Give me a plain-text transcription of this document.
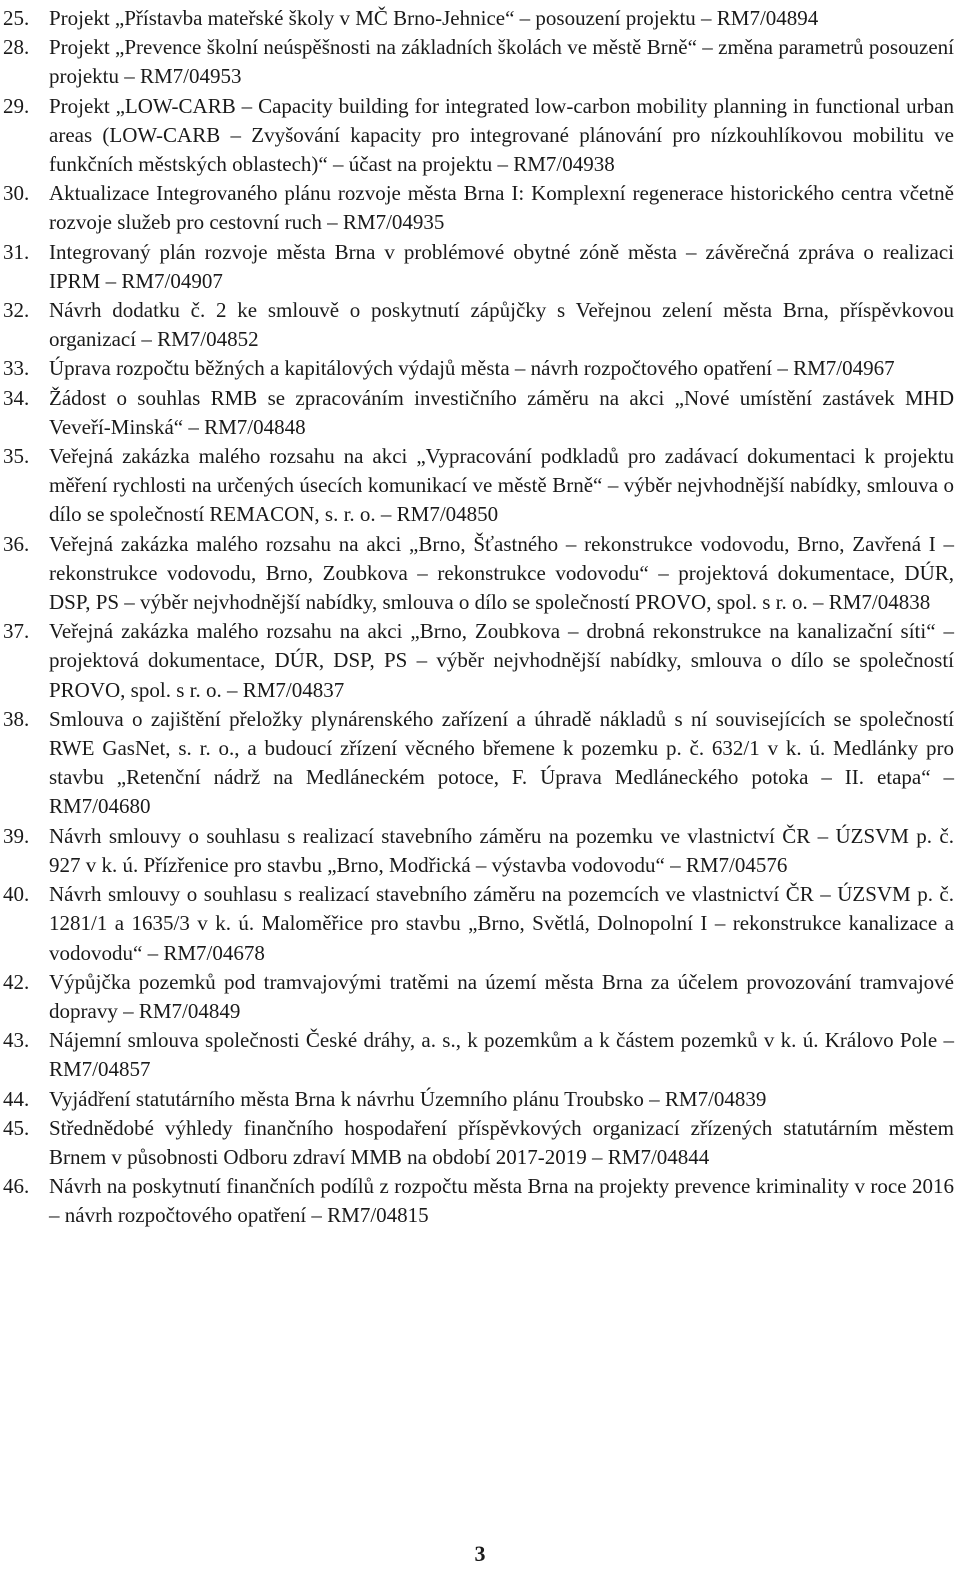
25. Projekt „Přístavba mateřské školy v MČ Brno-Jehnice“ – posouzení projektu – RM7/04894
28. Projekt „Prevence školní neúspěšnosti na základních školách ve městě Brně“ – změna parametrů posouzení projektu – RM7/04953
29. Projekt „LOW-CARB – Capacity building for integrated low-carbon mobility planning in functional urban areas (LOW-CARB – Zvyšování kapacity pro integrované plánování pro nízkouhlíkovou mobilitu ve funkčních městských oblastech)“ – účast na projektu – RM7/04938
30. Aktualizace Integrovaného plánu rozvoje města Brna I: Komplexní regenerace historického centra včetně rozvoje služeb pro cestovní ruch – RM7/04935
31. Integrovaný plán rozvoje města Brna v problémové obytné zóně města – závěrečná zpráva o realizaci IPRM – RM7/04907
32. Návrh dodatku č. 2 ke smlouvě o poskytnutí zápůjčky s Veřejnou zelení města Brna, příspěvkovou organizací – RM7/04852
33. Úprava rozpočtu běžných a kapitálových výdajů města – návrh rozpočtového opatření – RM7/04967
34. Žádost o souhlas RMB se zpracováním investičního záměru na akci „Nové umístění zastávek MHD Veveří-Minská“ – RM7/04848
35. Veřejná zakázka malého rozsahu na akci „Vypracování podkladů pro zadávací dokumentaci k projektu měření rychlosti na určených úsecích komunikací ve městě Brně“ – výběr nejvhodnější nabídky, smlouva o dílo se společností REMACON, s. r. o. – RM7/04850
36. Veřejná zakázka malého rozsahu na akci „Brno, Šťastného – rekonstrukce vodovodu, Brno, Zavřená I – rekonstrukce vodovodu, Brno, Zoubkova – rekonstrukce vodovodu“ – projektová dokumentace, DÚR, DSP, PS – výběr nejvhodnější nabídky, smlouva o dílo se společností PROVO, spol. s r. o. – RM7/04838
37. Veřejná zakázka malého rozsahu na akci „Brno, Zoubkova – drobná rekonstrukce na kanalizační síti“ – projektová dokumentace, DÚR, DSP, PS – výběr nejvhodnější nabídky, smlouva o dílo se společností PROVO, spol. s r. o. – RM7/04837
38. Smlouva o zajištění přeložky plynárenského zařízení a úhradě nákladů s ní souvisejících se společností RWE GasNet, s. r. o., a budoucí zřízení věcného břemene k pozemku p. č. 632/1 v k. ú. Medlánky pro stavbu „Retenční nádrž na Medláneckém potoce, F. Úprava Medláneckého potoka – II. etapa“ – RM7/04680
39. Návrh smlouvy o souhlasu s realizací stavebního záměru na pozemku ve vlastnictví ČR – ÚZSVM p. č. 927 v k. ú. Přízřenice pro stavbu „Brno, Modřická – výstavba vodovodu“ – RM7/04576
40. Návrh smlouvy o souhlasu s realizací stavebního záměru na pozemcích ve vlastnictví ČR – ÚZSVM p. č. 1281/1 a 1635/3 v k. ú. Maloměřice pro stavbu „Brno, Světlá, Dolnopolní I – rekonstrukce kanalizace a vodovodu“ – RM7/04678
42. Výpůjčka pozemků pod tramvajovými tratěmi na území města Brna za účelem provozování tramvajové dopravy – RM7/04849
43. Nájemní smlouva společnosti České dráhy, a. s., k pozemkům a k částem pozemků v k. ú. Královo Pole – RM7/04857
44. Vyjádření statutárního města Brna k návrhu Územního plánu Troubsko – RM7/04839
45. Střednědobé výhledy finančního hospodaření příspěvkových organizací zřízených statutárním městem Brnem v působnosti Odboru zdraví MMB na období 2017-2019 – RM7/04844
46. Návrh na poskytnutí finančních podílů z rozpočtu města Brna na projekty prevence kriminality v roce 2016 – návrh rozpočtového opatření – RM7/04815
3
